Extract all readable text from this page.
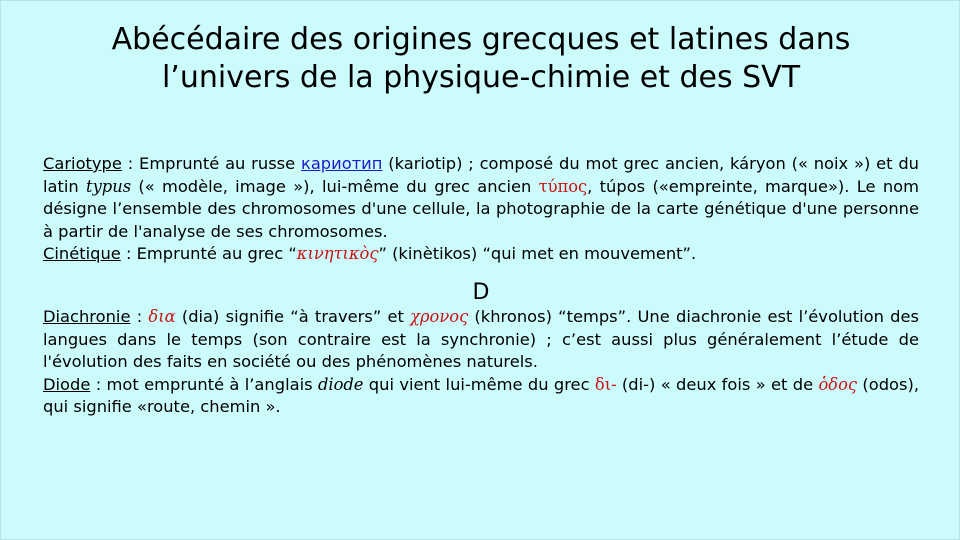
Abécédaire des origines grecques et latines dans
l’univers de la physique-chimie et des SVT

Cariotype : Emprunté au russe кариотип (kariotip) ; composé du mot grec ancien, káryon (« noix ») et du latin typus (« modèle, image »), lui-même du grec ancien τύπος, túpos («empreinte, marque»). Le nom désigne l’ensemble des chromosomes d'une cellule, la photographie de la carte génétique d'une personne à partir de l'analyse de ses chromosomes.

Cinétique : Emprunté au grec “κινητικὸς” (kinètikos) “qui met en mouvement”.

D

Diachronie : δια (dia) signifie “à travers” et χρονος (khronos) “temps”. Une diachronie est l’évolution des langues dans le temps (son contraire est la synchronie) ; c’est aussi plus généralement l’étude de l'évolution des faits en société ou des phénomènes naturels.

Diode : mot emprunté à l’anglais diode qui vient lui-même du grec δι- (di-) « deux fois » et de ὁδος (odos), qui signifie «route, chemin ».
